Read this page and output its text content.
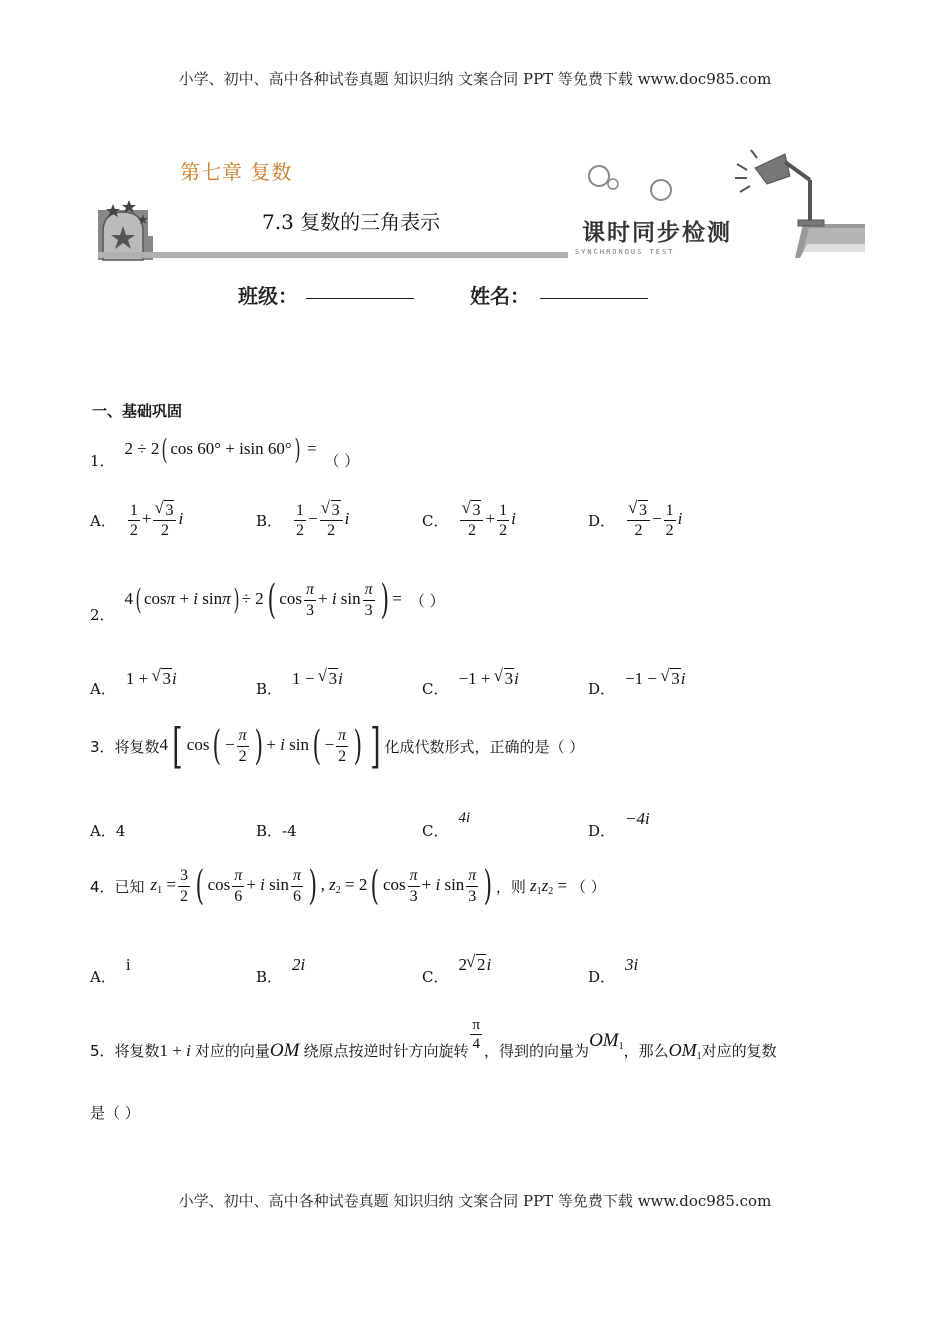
小学、初中、高中各种试卷真题 知识归纳 文案合同 PPT 等免费下载 www.doc985.com
第七章 复数
7.3 复数的三角表示	课时同步检测
SYNCHRONOUS TEST
班级：	姓名：
一、基础巩固
1．
2 ÷ 2( cos 60° + isin 60°) =
（ ）
A． $\frac{1}{2}$ + √ $\frac{3}{2}$ i	B． $\frac{1}{2}$ − √ $\frac{3}{2}$ i	C． √ $\frac{3}{2} + \frac{1}{2}$ i	D． √ $\frac{3}{2} - \frac{1}{2}$ i
2．
4( cosπ + i sinπ) ÷ 2( $\cos \frac{\pi}{3} + i$ $\sin \frac{\pi}{3}$ ) = （ ）
A．
1 + √ 3i
B．
1 − √ 3i
C．
−1 + √ 3i
D．
−1 − √ 3i
3．将复数 4[ $\cos( - \frac{\pi}{2}$ ) + i $\sin( - \frac{\pi}{2}$ ) ] 化成代数形式，正确的是（ ）
A．4	B．-4	C．
4i
D．
−4i
4．已知 $z_1 = \frac{3}{2}$ ( $\cos \frac{\pi}{6} + i$ $\sin \frac{\pi}{6}$ ) , $z_2 = 2$( $\cos \frac{\pi}{3} + i$ $\sin \frac{\pi}{3}$ ) ，则 $z_1z_2$ = （ ）
A．
i
B．
2i
C．
2 √ 2i
D．
3i
5．将复数 1 + i 对应的向量 OM 绕原点按逆时针方向旋转 $\frac{\pi}{4}$ ，得到的向量为
$OM_1$ ，那么 $OM_1$ 对应的复数
是（ ）
小学、初中、高中各种试卷真题 知识归纳 文案合同 PPT 等免费下载 www.doc985.com
